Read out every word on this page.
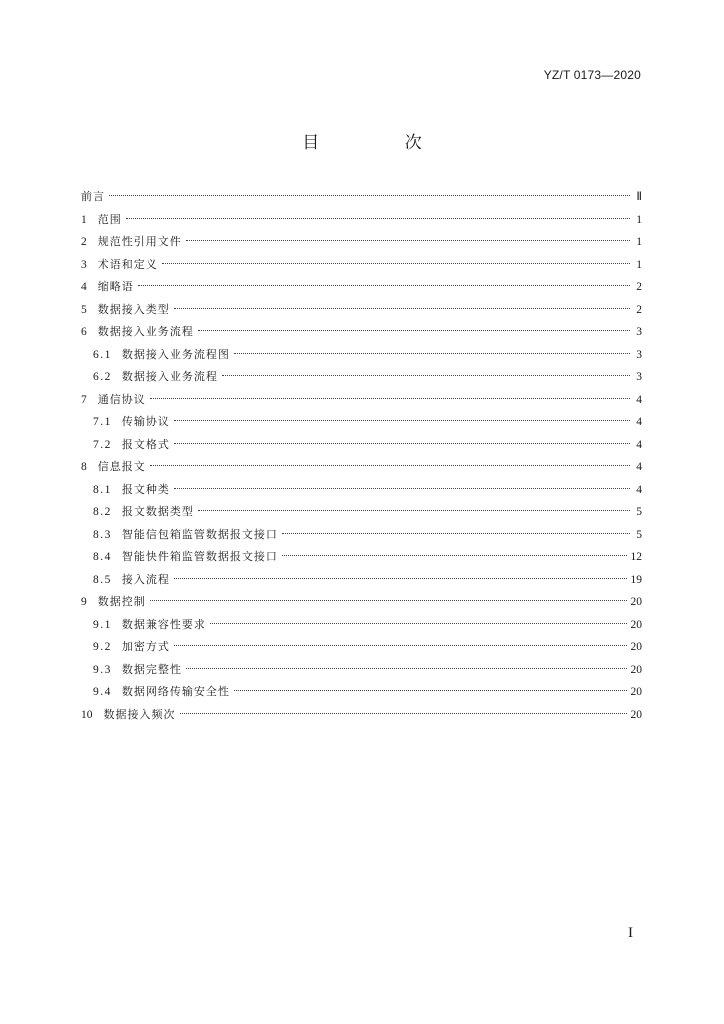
YZ/T 0173—2020
目 次
前言	Ⅱ
1 范围	1
2 规范性引用文件	1
3 术语和定义	1
4 缩略语	2
5 数据接入类型	2
6 数据接入业务流程	3
6.1 数据接入业务流程图	3
6.2 数据接入业务流程	3
7 通信协议	4
7.1 传输协议	4
7.2 报文格式	4
8 信息报文	4
8.1 报文种类	4
8.2 报文数据类型	5
8.3 智能信包箱监管数据报文接口	5
8.4 智能快件箱监管数据报文接口	12
8.5 接入流程	19
9 数据控制	20
9.1 数据兼容性要求	20
9.2 加密方式	20
9.3 数据完整性	20
9.4 数据网络传输安全性	20
10 数据接入频次	20
I
